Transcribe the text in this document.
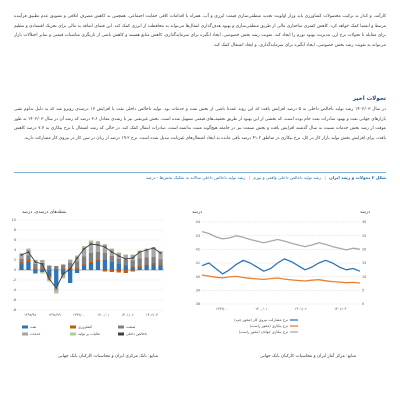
کارآمد، و کدار به ترکیب محصولات کشاورزی باید وزار اولویت تجدید منطقی‌سازی قیمت انرژی و آب، همراه با اقدامات کافی حمایت اجتماعی، همچنین به کاهش مصرف اتلافی و تشویق عدم تطبیق فرآینده مرتبط و انقضا کمک خواهد کرد. کاهش کسری ساختاری مالی از طریق منطقی‌سازی و بهبود هدف‌گذاری انتقال‌ها می‌تواند به محافظت از انرژی کمک کند. این فضای اضافه به مالی برای تحریک اقتصادی و تنظیم برای مقابله با تحولات نرخ ارز، مدیریت بهبود تورم را ایجاد کند. تقویت رشد بخش خصوصی، ایجاد انگیزه برای سرمایه‌گذاری، کاهش منابع هستند و کاهش ناشی از بازنگری مناسبات قیمتی و سایر اختلالات بازار می‌تواند به تقویت رشد بخش خصوصی، ایجاد انگیزه برای سرمایه‌گذاری، و ایجاد اشتغال کمک کند.

تحولات اخیر

در سال ۱۴۰۲/۰۳ رشد تولید ناخالص داخلی به ۵ درصد افزایش یافت که این روند عمدتا ناشی از بخش نفت و خدمات بود. تولید ناخالص داخلی نفت با افزایش ۱۷ درصدی روبرو شد که به دلیل تداوم نفتی بازارهای جهانی نفت و بهبود صادرات نفت خام بوده است، که بخشی از این بهبود از طریق تخفیف‌های قیمتی تسهیل شده است. بخش غیرنفتی نیز با رشدی معادل ۳.۶ درصد که رشد آن در سال ۱۴۰۲/۰۳ به طور موقت از رشد بخش خدمات نسبت به سال گذشته افزایش یافت و بخش صنعت نیز در جامعه هیچ‌گونه مثبت نداشته است، صادرات انتقال کمک کند. در حالی که رشد اشتغال با نرخ بیکاری به ۷.۷ درصد کاهش یافت، برای افزایش بخش تولید بازار کار در کل، نرخ بیکاری در مناطق ۴۱.۲ درصد باقی مانده به ایجاد اشتغال‌های غیرثابت تبدیل شده است. نرخ ۱۹.۲ درصد از زنان در سن کار در نیروی کار مشارکت دارند.

شکل ۲ تحولات و رشد ایران | رشد تولید ناخالص داخلی واقعی و تورم | رشد تولید ناخالص داخلی سالانه به تفکیک بخش‌ها - درصد
نقطه‌های درصدی، درصد
-8
-6
-4
-2
0
2
4
6
8
10
۱۳۹۷/۹۸	۱۳۹۸/۹۹	۱۳۹۹/۰۰	۱۴۰۰/۰۱	۱۴۰۱/۰۲	۱۴۰۲/۰۳
نفت	کشاورزی	صنعت
خدمات	مالیات بر تولید	ناخالص داخلی
منابع: بانک مرکزی ایران و محاسبات کارکنان بانک جهانی
درصد	درصد
38
39
40
41
42
43
44
0
5
10
15
20
25
30
۱۳۹۹/۰۰	۱۴۰۰/۰۱	۱۴۰۱/۰۲	۱۴۰۲/۰۳
نرخ مشارکت نیروی کار (محور چپ)
نرخ بیکاری (محور راست)
نرخ بیکاری جوانان (محور راست)
منابع: مرکز آمار ایران و محاسبات کارکنان بانک جهانی
